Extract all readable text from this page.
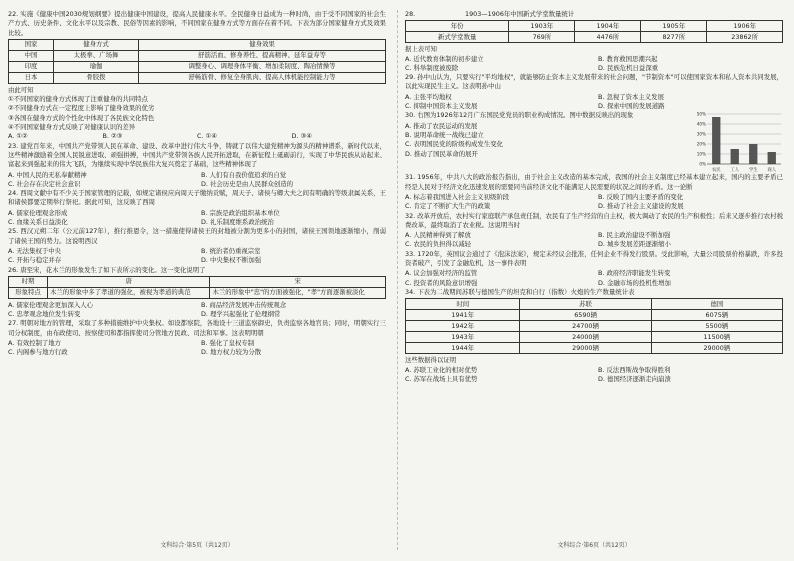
22. 实施《健康中国2030规划纲要》提出健康中国建设，提高人民健康水平。全民健身日益成为一种时尚，由于受不同国家的社会生产方式、历史条件、文化水平以及宗教、民俗等因素的影响，不同国家在健身方式等方面存在着不同。下表为部分国家健身方式及效果比较。

国家	健身方式	健身效果
中国	太极拳、广场舞	舒筋活血、修身养性、提高精神、延年益寿等
印度	瑜伽	调整身心、调理身体平衡、增加柔韧度、陶冶情操等
日本	骨胶拨	舒畅筋骨、修复全身肌肉、提高人体机能控制能力等
由此可知
①不同国家的健身方式体现了注重健身的共同特点
②不同健身方式在一定程度上影响了健身效果的优劣
③各国在健身方式的个性化中体现了各民族文化特色
④不同国家健身方式反映了对健康认识的差异
A. ①②	B. ②③	C. ①④	D. ③④

23. 建党百年来，中国共产党带领人民在革命、建设、改革中进行伟大斗争，铸就了以伟大建党精神为源头的精神谱系，新时代以来，这些精神激励着全国人民锐意进取、顽强拼搏，中国共产党带领各族人民开拓进取，在新征程上砥砺前行，实现了中华民族从站起来、富起来到强起来的伟大飞跃，为继续实现中华民族伟大复兴奠定了基础，这些精神体现了

A. 中国人民的无私奉献精神	B. 人们有自我价值追求的自觉
C. 社会存在决定社会意识	D. 社会历史是由人民群众创造的

24. 西周文献中有不少关于国家管理的记载，如规定诸侯应向周天子缴纳贡赋，周天子、诸侯与卿大夫之间有明确的等级隶属关系，王和诸侯都要定期举行祭祀。据此可知，这反映了西周

A. 儒家伦理观念形成	B. 宗族是政治组织基本单位
C. 血缘关系日益淡化	D. 礼乐制度维系政治统治

25. 西汉元朔二年（公元前127年），推行推恩令，这一措施使得诸侯王的封地被分割为更多小的封国，诸侯王国领地逐渐缩小，削弱了诸侯王国的势力。这说明西汉

A. 无法集权于中央	B. 统治者仍重视宗室
C. 开拓与稳定并存	D. 中央集权不断加强

26. 唐至宋，花木兰的形象发生了如下表所示的变化。这一变化说明了

时期	唐	宋
形象特点	木兰的形象中多了孝道的强化，被视为孝道的典范	木兰的形象中"忠"的方面被强化，"孝"方面逐渐被淡化
A. 儒家伦理观念更加深入人心	B. 商品经济发展冲击传统观念
C. 忠孝观念地位发生转变	D. 理学兴起强化了伦理纲常

27. 明朝对地方的管理，采取了多种措施维护中央集权。如设都察院，各地设十三道监察御史，负责监察各地官员；同时，明朝实行三司分权制度，由布政使司、按察使司和都指挥使司分管地方民政、司法和军事。这表明明朝

A. 有效控制了地方	B. 强化了皇权专制
C. 内阁参与地方行政	D. 地方权力较为分散
文科综合·第5页（共12页）
28.	1903—1906年中国新式学堂数量统计
年份	1903年	1904年	1905年	1906年
新式学堂数量	769所	4476所	8277所	23862所
据上表可知
A. 近代教育体制的初步建立	B. 教育救国思潮兴起
C. 科举制度被废除	D. 民族危机日益深重

29. 孙中山认为，只要实行"平均地权"，就能够防止资本主义发展带来的社会问题，"节制资本"可以使国家资本和私人资本共同发展，以此实现民生主义。这表明孙中山

A. 主张平均地权	B. 忽视了资本主义发展
C. 抑制中国资本主义发展	D. 探索中国的发展道路
50%
40%
30%
20%
10%
0%
农民 工人 学生 商人

30. 右图为1926年12月广东国民党党员的职业构成情况。图中数据反映出的现象

A. 推动了农民运动的发展
B. 说明革命统一战线已建立
C. 表明国民党的阶级构成发生变化
D. 推动了国民革命的展开

31. 1956年，中共八大的政治报告指出，由于社会主义改造的基本完成，我国的社会主义制度已经基本建立起来，国内的主要矛盾已经是人民对于经济文化迅速发展的需要同当前经济文化不能满足人民需要的状况之间的矛盾。这一论断

A. 标志着我国进入社会主义初级阶段	B. 反映了国内主要矛盾的变化
C. 肯定了不断扩大生产的政策	D. 推动了社会主义建设的发展

32. 改革开放后，农村实行家庭联产承包责任制，农民有了生产经营的自主权，极大调动了农民的生产积极性；后来又逐步推行农村税费改革，最终取消了农业税。这说明当时

A. 人民精神得到了解放	B. 民主政治建设不断加强
C. 农民的负担得以减轻	D. 城乡发展差距逐渐缩小

33. 1720年，英国议会通过了《泡沫法案》，规定未经议会批准，任何企业不得发行股票。受此影响，大量公司股票价格暴跌，许多投资者破产，引发了金融危机，这一事件表明

A. 议会加强对经济的监管	B. 政府经济职能发生转变
C. 投资者的风险意识增强	D. 金融市场的投机性增加

34. 下表为二战期间苏联与德国生产的坦克和自行（指数）火炮的生产数量统计表

时间	苏联	德国
1941年	6590辆	6075辆
1942年	24700辆	5500辆
1943年	24000辆	11500辆
1944年	29000辆	29000辆
这些数据得以证明
A. 苏联工业化的相对优势	B. 反法西斯战争取得胜利
C. 苏军在战场上具有优势	D. 德国经济逐渐走向崩溃
文科综合·第6页（共12页）
